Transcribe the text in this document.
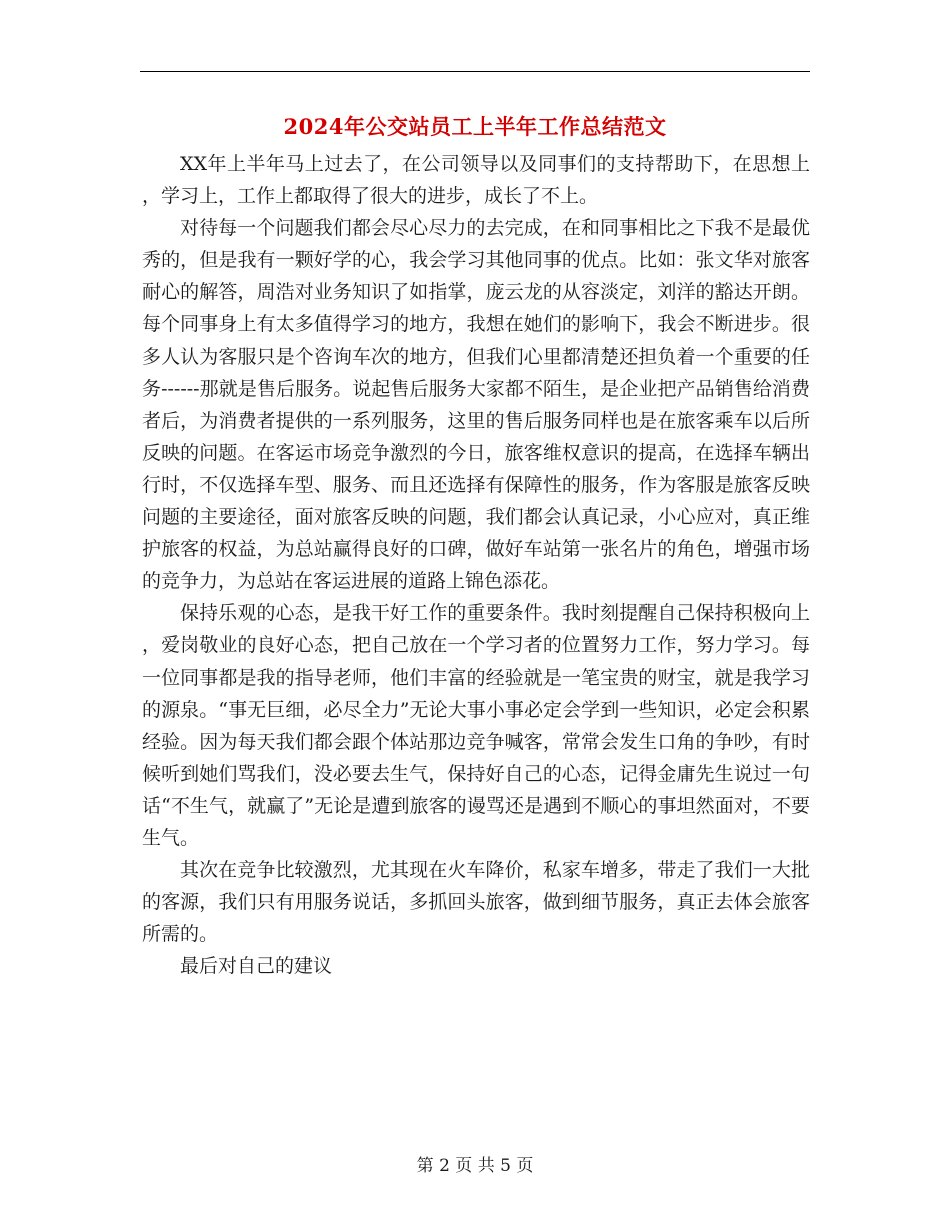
2024年公交站员工上半年工作总结范文

XX年上半年马上过去了，在公司领导以及同事们的支持帮助下，在思想上，学习上，工作上都取得了很大的进步，成长了不上。

对待每一个问题我们都会尽心尽力的去完成，在和同事相比之下我不是最优秀的，但是我有一颗好学的心，我会学习其他同事的优点。比如：张文华对旅客耐心的解答，周浩对业务知识了如指掌，庞云龙的从容淡定，刘洋的豁达开朗。每个同事身上有太多值得学习的地方，我想在她们的影响下，我会不断进步。很多人认为客服只是个咨询车次的地方，但我们心里都清楚还担负着一个重要的任务------那就是售后服务。说起售后服务大家都不陌生，是企业把产品销售给消费者后，为消费者提供的一系列服务，这里的售后服务同样也是在旅客乘车以后所反映的问题。在客运市场竞争激烈的今日，旅客维权意识的提高，在选择车辆出行时，不仅选择车型、服务、而且还选择有保障性的服务，作为客服是旅客反映问题的主要途径，面对旅客反映的问题，我们都会认真记录，小心应对，真正维护旅客的权益，为总站赢得良好的口碑，做好车站第一张名片的角色，增强市场的竞争力，为总站在客运进展的道路上锦色添花。

保持乐观的心态，是我干好工作的重要条件。我时刻提醒自己保持积极向上，爱岗敬业的良好心态，把自己放在一个学习者的位置努力工作，努力学习。每一位同事都是我的指导老师，他们丰富的经验就是一笔宝贵的财宝，就是我学习的源泉。“事无巨细，必尽全力”无论大事小事必定会学到一些知识，必定会积累经验。因为每天我们都会跟个体站那边竞争喊客，常常会发生口角的争吵，有时候听到她们骂我们，没必要去生气，保持好自己的心态，记得金庸先生说过一句话“不生气，就赢了”无论是遭到旅客的谩骂还是遇到不顺心的事坦然面对，不要生气。

其次在竞争比较激烈，尤其现在火车降价，私家车增多，带走了我们一大批的客源，我们只有用服务说话，多抓回头旅客，做到细节服务，真正去体会旅客所需的。

最后对自己的建议

第 2 页 共 5 页
